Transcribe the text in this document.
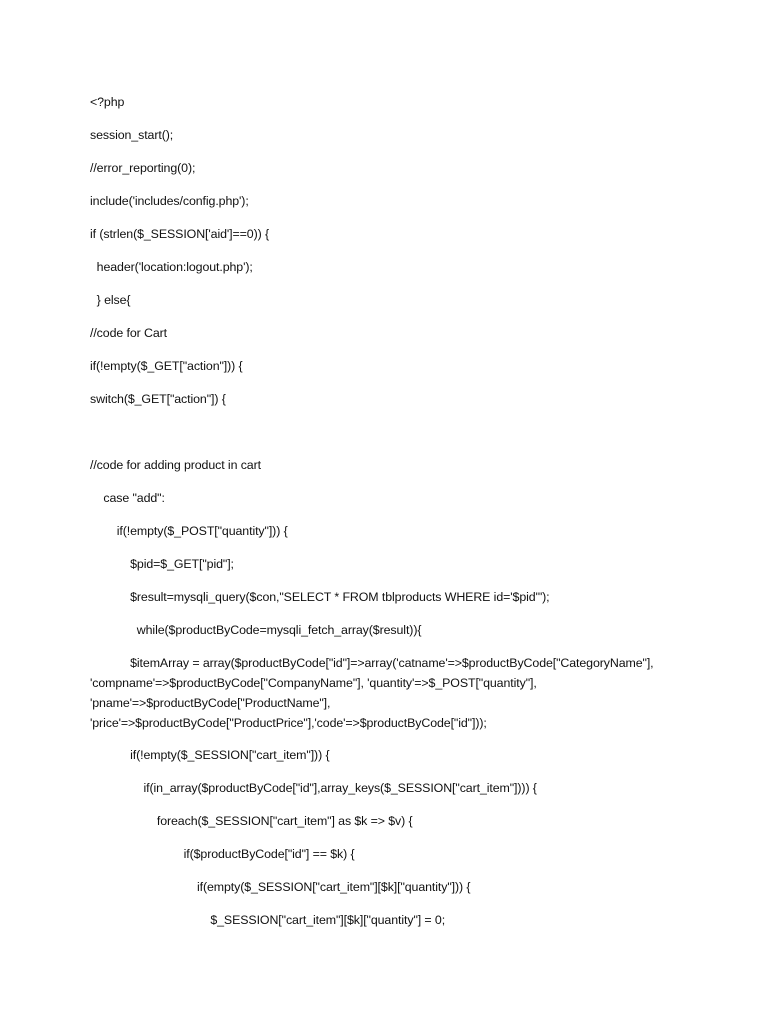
<?php
session_start();
//error_reporting(0);
include('includes/config.php');
if (strlen($_SESSION['aid']==0)) {
header('location:logout.php');
} else{
//code for Cart
if(!empty($_GET["action"])) {
switch($_GET["action"]) {
//code for adding product in cart
case "add":
if(!empty($_POST["quantity"])) {
$pid=$_GET["pid"];
$result=mysqli_query($con,"SELECT * FROM tblproducts WHERE id='$pid'");
while($productByCode=mysqli_fetch_array($result)){
$itemArray = array($productByCode["id"]=>array('catname'=>$productByCode["CategoryName"],
'compname'=>$productByCode["CompanyName"], 'quantity'=>$_POST["quantity"],
'pname'=>$productByCode["ProductName"],
'price'=>$productByCode["ProductPrice"],'code'=>$productByCode["id"]));
if(!empty($_SESSION["cart_item"])) {
if(in_array($productByCode["id"],array_keys($_SESSION["cart_item"]))) {
foreach($_SESSION["cart_item"] as $k => $v) {
if($productByCode["id"] == $k) {
if(empty($_SESSION["cart_item"][$k]["quantity"])) {
$_SESSION["cart_item"][$k]["quantity"] = 0;
